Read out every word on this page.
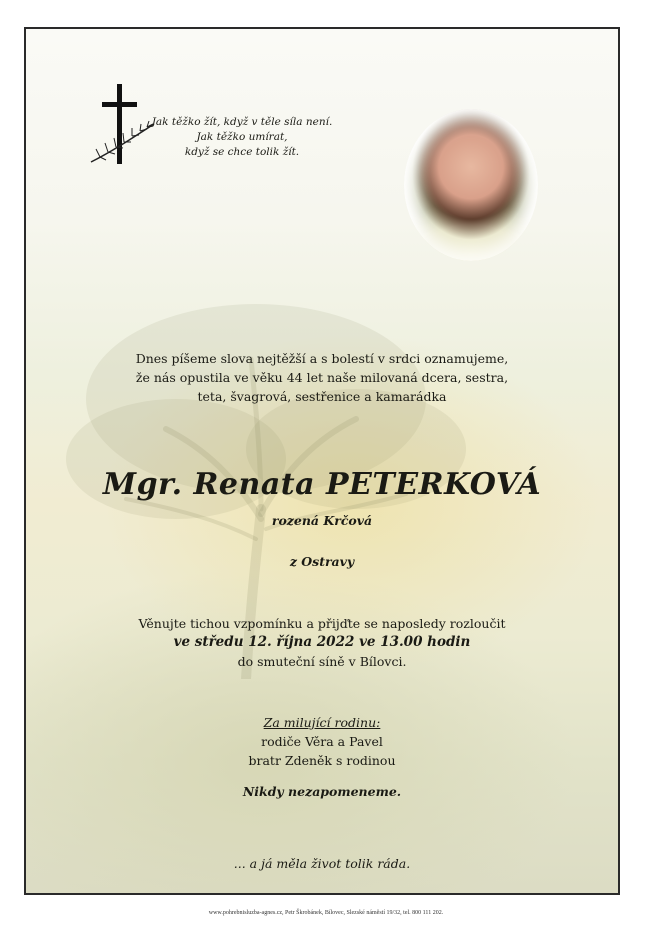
Jak těžko žít, když v těle síla není.
Jak těžko umírat,
když se chce tolik žít.
Dnes píšeme slova nejtěžší a s bolestí v srdci oznamujeme,
že nás opustila ve věku 44 let naše milovaná dcera, sestra,
teta, švagrová, sestřenice a kamarádka
Mgr. Renata PETERKOVÁ
rozená Krčová
z Ostravy
Věnujte tichou vzpomínku a přijďte se naposledy rozloučit
ve středu 12. října 2022 ve 13.00 hodin
do smuteční síně v Bílovci.
Za milující rodinu:
rodiče Věra a Pavel
bratr Zdeněk s rodinou
Nikdy nezapomeneme.
... a já měla život tolik ráda.
www.pohrebnisluzba-agnes.cz, Petr Škrobánek, Bílovec, Slezské náměstí 19/32, tel. 800 111 202.
